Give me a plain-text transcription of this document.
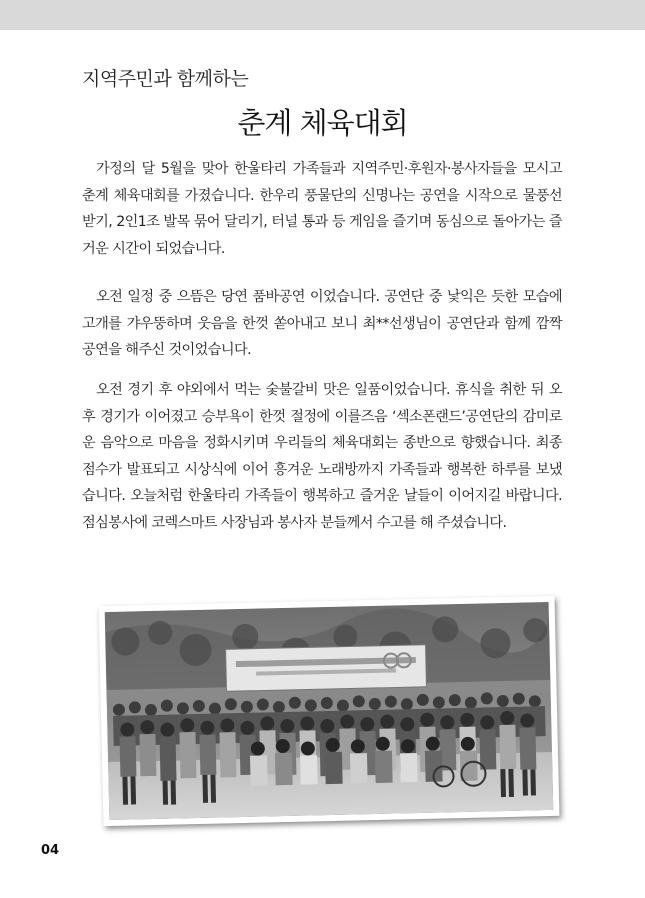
지역주민과 함께하는
춘계 체육대회

가정의 달 5월을 맞아 한울타리 가족들과 지역주민·후원자·봉사자들을 모시고 춘계 체육대회를 가졌습니다. 한우리 풍물단의 신명나는 공연을 시작으로 물풍선 받기, 2인1조 발목 묶어 달리기, 터널 통과 등 게임을 즐기며 동심으로 돌아가는 즐거운 시간이 되었습니다.

오전 일정 중 으뜸은 당연 품바공연 이었습니다. 공연단 중 낯익은 듯한 모습에 고개를 갸우뚱하며 웃음을 한껏 쏟아내고 보니 최**선생님이 공연단과 함께 깜짝 공연을 해주신 것이었습니다.

오전 경기 후 야외에서 먹는 숯불갈비 맛은 일품이었습니다. 휴식을 취한 뒤 오후 경기가 이어졌고 승부욕이 한껏 절정에 이를즈음 ‘섹소폰랜드’공연단의 감미로운 음악으로 마음을 정화시키며 우리들의 체육대회는 종반으로 향했습니다. 최종점수가 발표되고 시상식에 이어 흥겨운 노래방까지 가족들과 행복한 하루를 보냈습니다. 오늘처럼 한울타리 가족들이 행복하고 즐거운 날들이 이어지길 바랍니다. 점심봉사에 코렉스마트 사장님과 봉사자 분들께서 수고를 해 주셨습니다.

04
